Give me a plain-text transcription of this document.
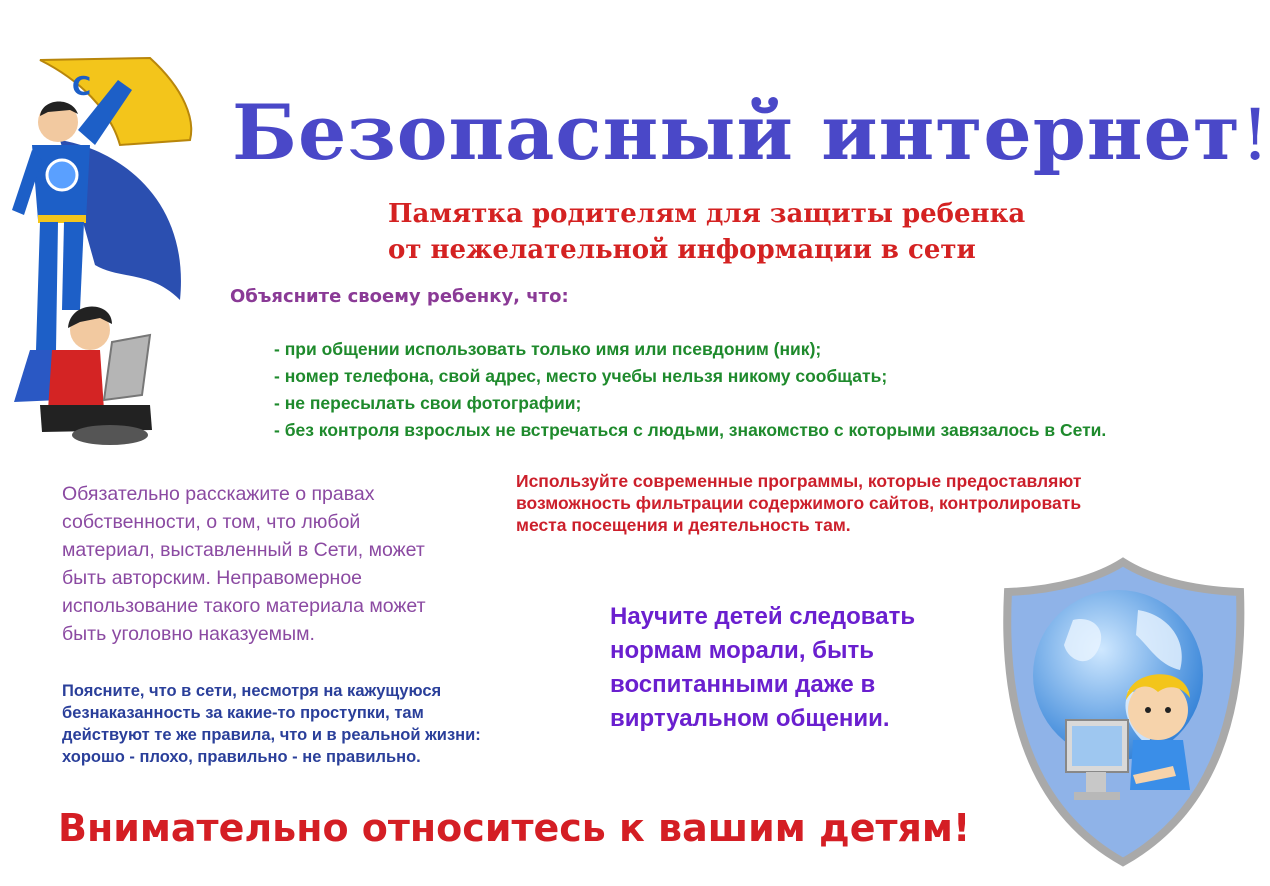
C
Безопасный интернет!
Памятка родителям для защиты ребенка
от нежелательной информации в сети
Объясните своему ребенку, что:
- при общении использовать только имя или псевдоним (ник);
- номер телефона, свой адрес, место учебы нельзя никому сообщать;
- не пересылать свои фотографии;
- без контроля взрослых не встречаться с людьми, знакомство с которыми завязалось в Сети.
Обязательно расскажите о правах
собственности, о том, что любой
материал, выставленный в Сети, может
быть авторским. Неправомерное
использование такого материала может
быть уголовно наказуемым.
Используйте современные программы, которые предоставляют
возможность фильтрации содержимого сайтов, контролировать
места посещения и деятельность там.
Научите детей следовать
нормам морали, быть
воспитанными даже в
виртуальном общении.
Поясните, что в сети, несмотря на кажущуюся
безнаказанность за какие-то проступки, там
действуют те же правила, что и в реальной жизни:
хорошо - плохо, правильно - не правильно.
Внимательно относитесь к вашим детям!
